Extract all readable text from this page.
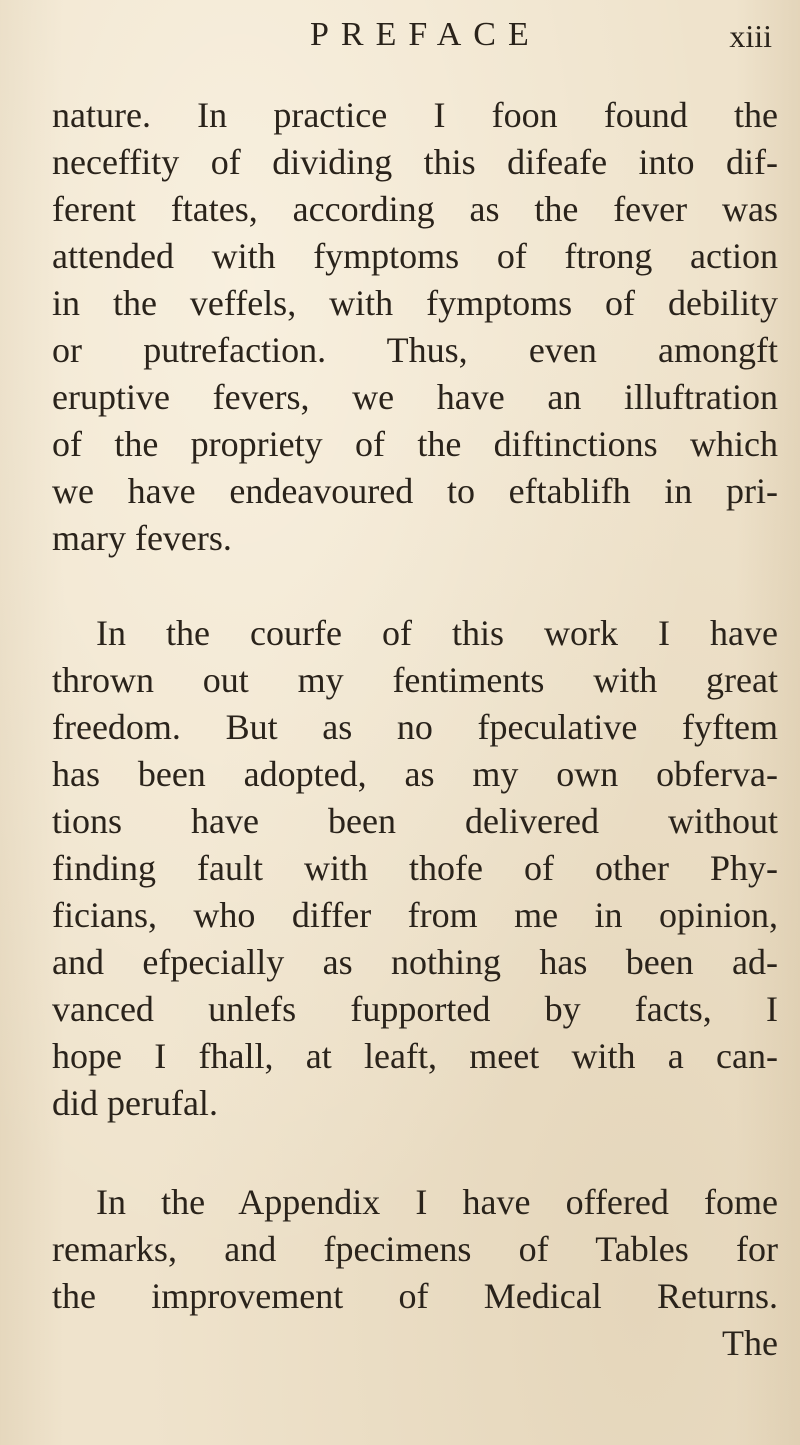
PREFACE	xiii
nature. In practice I foon found the
neceffity of dividing this difeafe into dif-
ferent ftates, according as the fever was
attended with fymptoms of ftrong action
in the veffels, with fymptoms of debility
or putrefaction. Thus, even amongft
eruptive fevers, we have an illuftration
of the propriety of the diftinctions which
we have endeavoured to eftablifh in pri-
mary fevers.
In the courfe of this work I have
thrown out my fentiments with great
freedom. But as no fpeculative fyftem
has been adopted, as my own obferva-
tions have been delivered without
finding fault with thofe of other Phy-
ficians, who differ from me in opinion,
and efpecially as nothing has been ad-
vanced unlefs fupported by facts, I
hope I fhall, at leaft, meet with a can-
did perufal.
In the Appendix I have offered fome
remarks, and fpecimens of Tables for
the improvement of Medical Returns.
The
